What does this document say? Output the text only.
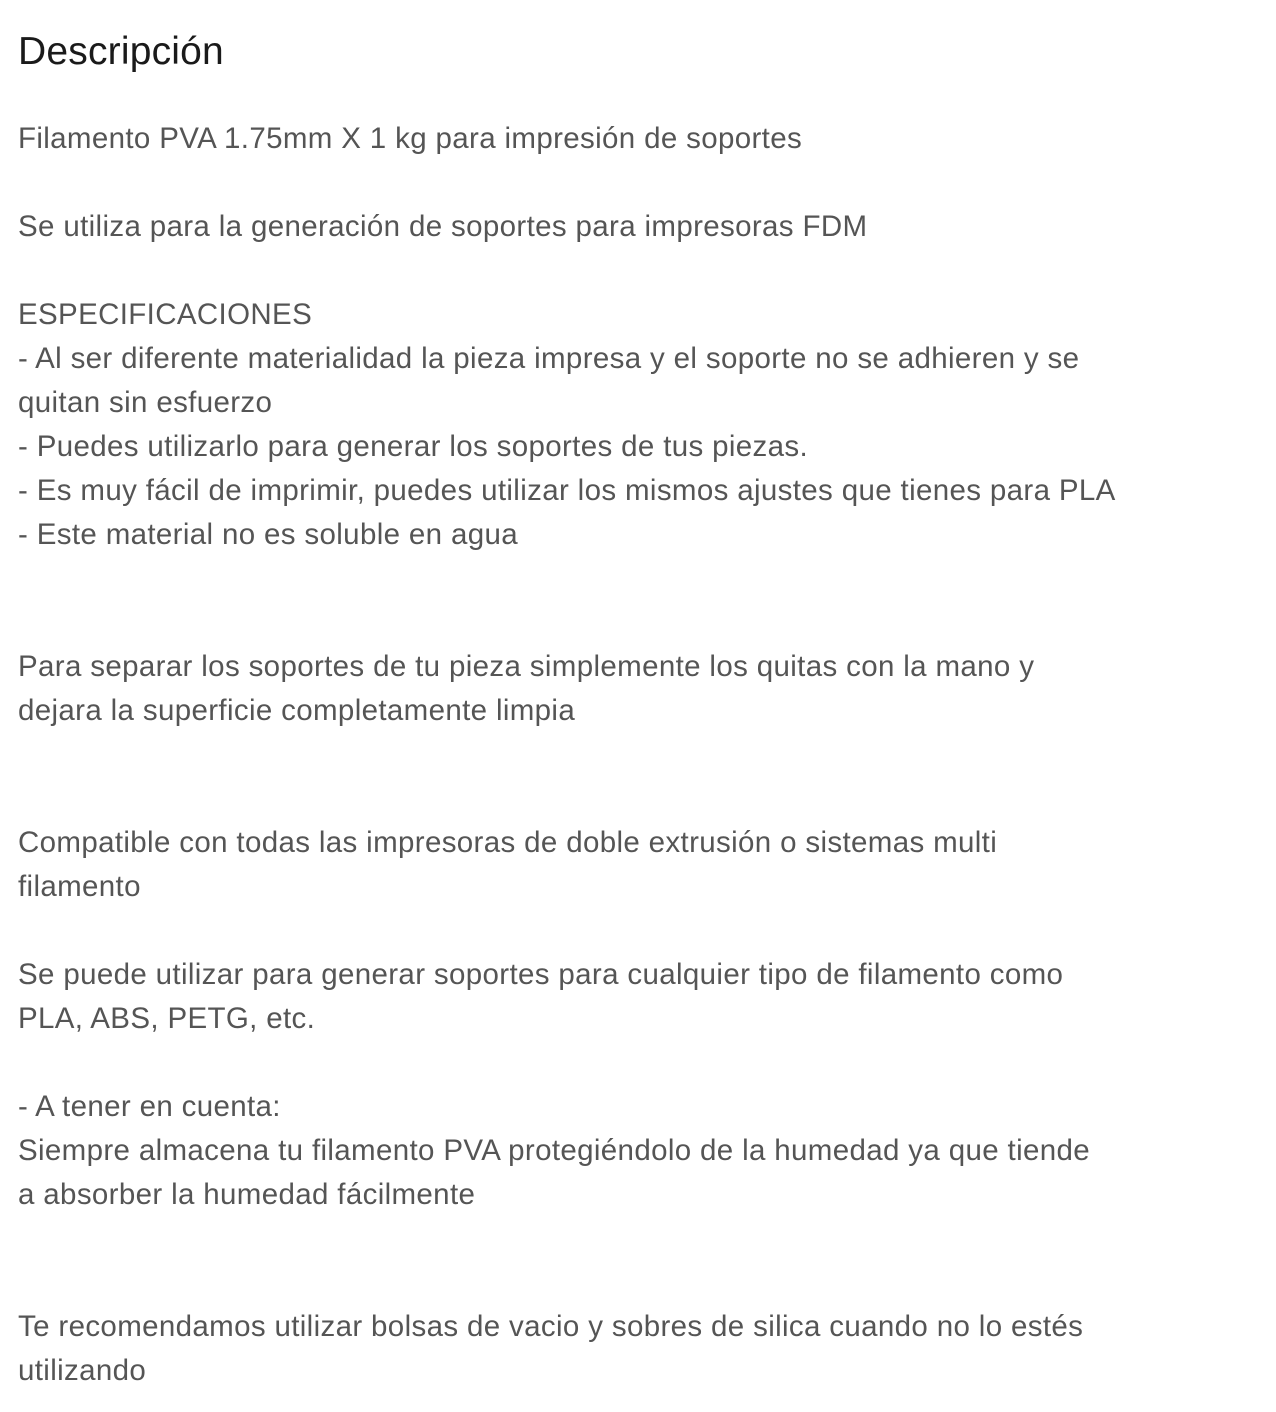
Descripción

Filamento PVA 1.75mm X 1 kg para impresión de soportes

Se utiliza para la generación de soportes para impresoras FDM

ESPECIFICACIONES

- Al ser diferente materialidad la pieza impresa y el soporte no se adhieren y se

quitan sin esfuerzo

- Puedes utilizarlo para generar los soportes de tus piezas.

- Es muy fácil de imprimir, puedes utilizar los mismos ajustes que tienes para PLA

- Este material no es soluble en agua

Para separar los soportes de tu pieza simplemente los quitas con la mano y

dejara la superficie completamente limpia

Compatible con todas las impresoras de doble extrusión o sistemas multi

filamento

Se puede utilizar para generar soportes para cualquier tipo de filamento como

PLA, ABS, PETG, etc.

- A tener en cuenta:

Siempre almacena tu filamento PVA protegiéndolo de la humedad ya que tiende

a absorber la humedad fácilmente

Te recomendamos utilizar bolsas de vacio y sobres de silica cuando no lo estés

utilizando
